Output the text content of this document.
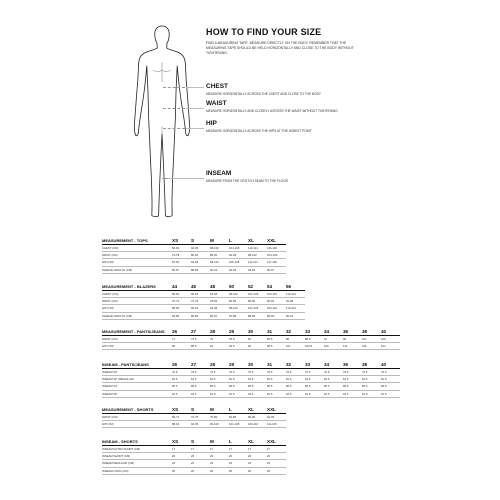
HOW TO FIND YOUR SIZE
FIND A MEASURING TAPE. MEASURE DIRECTLY ON THE BODY. REMEMBER THAT THE MEASURING TAPE SHOULD BE HELD HORIZONTALLY AND CLOSE TO THE BODY WITHOUT TIGHTENING.
CHEST
MEASURE HORIZONTALLY ACROSS THE CHEST AND CLOSE TO THE BODY
WAIST
MEASURE HORIZONTALLY AND CLOSELY ACROSS THE WAIST WITHOUT TIGHTENING
HIP
MEASURE HORIZONTALLY ACROSS THE HIPS AT THE WIDEST POINT
INSEAM
MEASURE FROM THE CROTCH SEAM TO THE FLOOR
MEASUREMENT - TOPS	XS	S	M	L	XL	XXL
CHEST (CM)	86-90	92-96	98-102	104-108	110-114	116-118
WAIST (CM)	74-78	80-84	86-90	92-96	98-102	104-106
HIP (CM)	87-90	93-96	99-102	105-108	111-114	117-118
SLEEVE LENGTH (CM)	86-87	88-89	90-91	92-93	94-95	96-97
MEASUREMENT - BLAZERS	44	46	48	50	52	54	56
CHEST (CM)	86-90	90-94	94-98	98-102	102-106	106-110	110-114
WAIST (CM)	70-74	74-78	78-82	82-86	86-90	90-94	94-98
HIP (CM)	86-90	90-94	94-98	98-102	102-106	106-110	110-114
SLEEVE LENGTH (CM)	84-85	85-86	86-87	87-88	88-89	89-90	90-91
MEASUREMENT - PANTS/JEANS	26	27	28	29	30	31	32	33	34	36	38	40
WAIST (CM)	71	73.5	76	78.5	81	83.5	86	88.5	91	96	101	106
HIP (CM)	86	88.5	91	93.5	96	98.5	101	103.5	106	111	116	121
INSEAM - PANTS/JEANS	26	27	28	29	30	31	32	33	34	36	38	40
INSEAM 30"	76.5	76.5	76.5	76.5	76.5	76.5	76.5	76.5	76.5	76.5	76.5	76.5
INSEAM 32" (REGULAR)	81.5	81.5	81.5	81.5	81.5	81.5	81.5	81.5	81.5	81.5	81.5	81.5
INSEAM 34"	86.5	86.5	86.5	86.5	86.5	86.5	86.5	86.5	86.5	86.5	86.5	86.5
INSEAM 36"	91.5	91.5	91.5	91.5	91.5	91.5	91.5	91.5	91.5	91.5	91.5	91.5
MEASUREMENT - SHORTS	XS	S	M	L	XL	XXL
WAIST (CM)	68-71	72-75	76-80	81-85	86-90	91-95
HIP (CM)	88-91	92-95	96-100	101-105	106-110	111-115
INSEAM - SHORTS	XS	S	M	L	XL	XXL
INSEAM EXTRA SHORT (CM)	17	17	17	17	17	17
INSEAM SHORT (CM)	20	20	20	20	20	20
INSEAM REGULAR (CM)	23	23	23	23	23	23
INSEAM LONG (CM)	26	26	26	26	26	26
